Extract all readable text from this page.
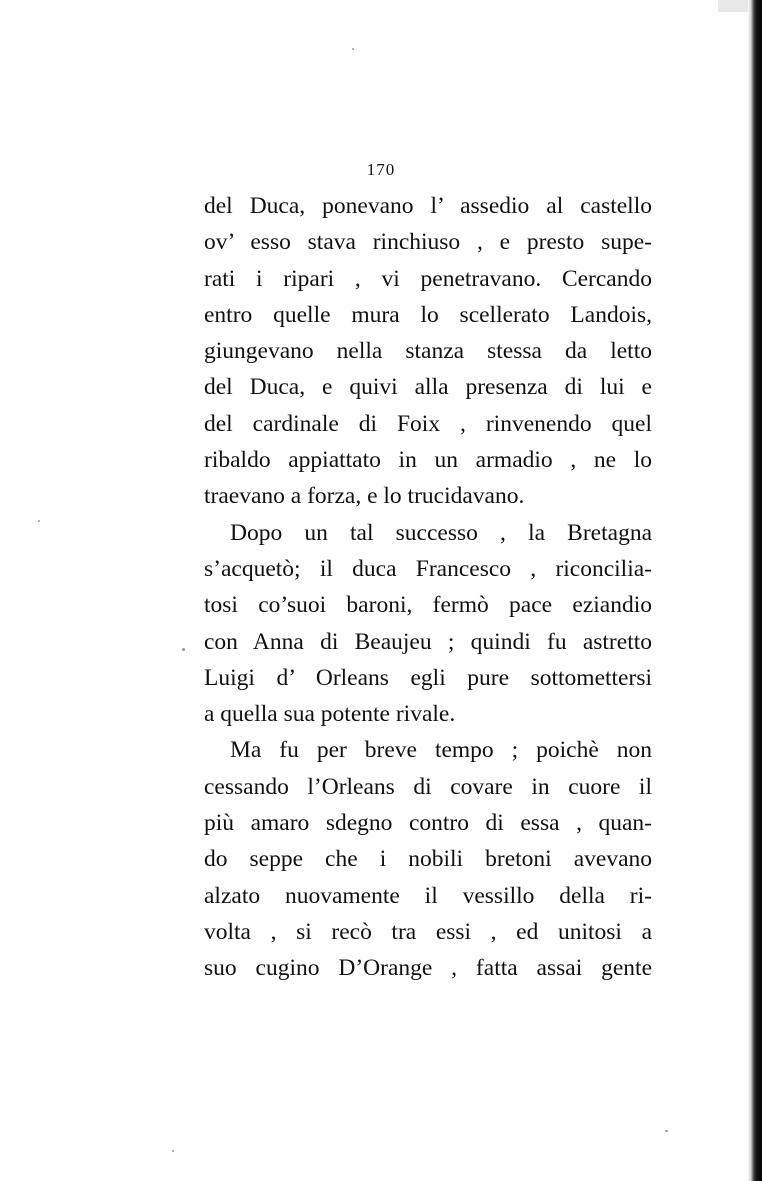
170
del Duca, ponevano l’ assedio al castello
ov’ esso stava rinchiuso , e presto supe-
rati i ripari , vi penetravano. Cercando
entro quelle mura lo scellerato Landois,
giungevano nella stanza stessa da letto
del Duca, e quivi alla presenza di lui e
del cardinale di Foix , rinvenendo quel
ribaldo appiattato in un armadio , ne lo
traevano a forza, e lo trucidavano.
Dopo un tal successo , la Bretagna
s’acquetò; il duca Francesco , riconcilia-
tosi co’suoi baroni, fermò pace eziandio
con Anna di Beaujeu ; quindi fu astretto
Luigi d’ Orleans egli pure sottomettersi
a quella sua potente rivale.
Ma fu per breve tempo ; poichè non
cessando l’Orleans di covare in cuore il
più amaro sdegno contro di essa , quan-
do seppe che i nobili bretoni avevano
alzato nuovamente il vessillo della ri-
volta , si recò tra essi , ed unitosi a
suo cugino D’Orange , fatta assai gente
